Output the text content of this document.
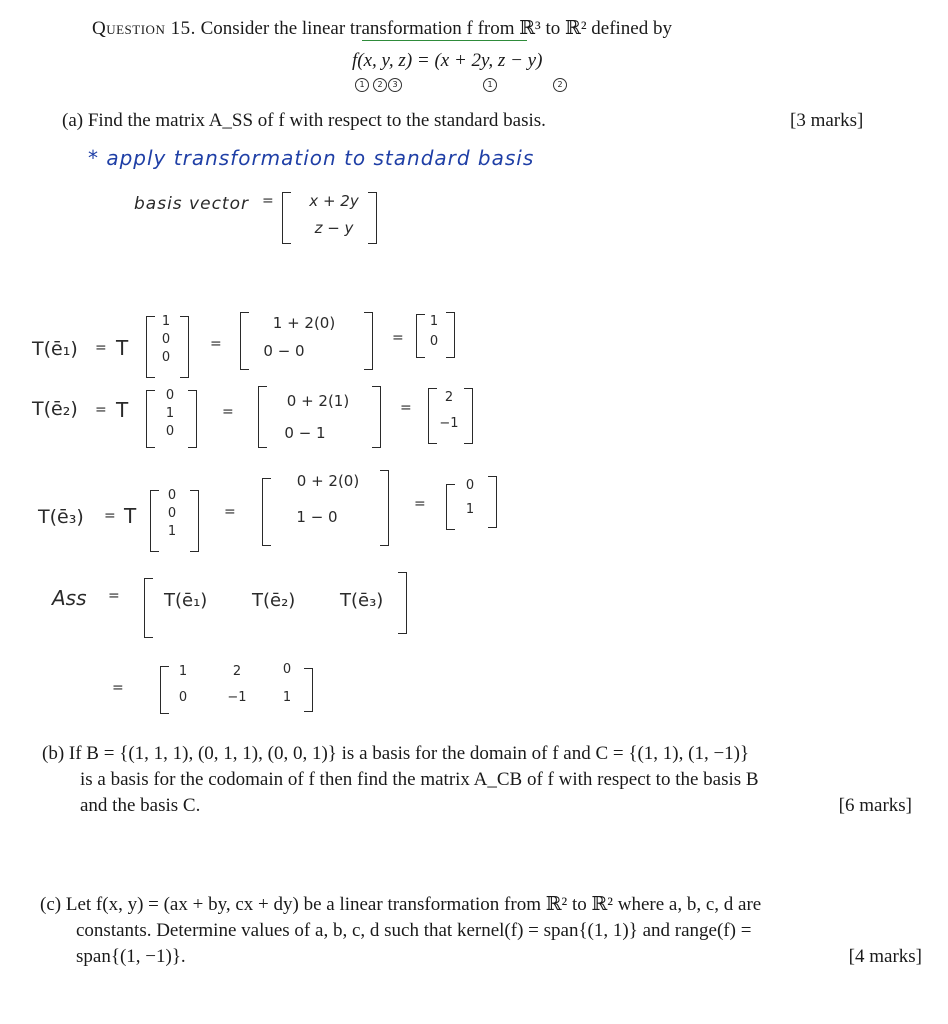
Question 15. Consider the linear transformation f from ℝ³ to ℝ² defined by
f(x, y, z) = (x + 2y, z − y)
1	2	3	1	2
(a) Find the matrix A_SS of f with respect to the standard basis.	[3 marks]
* apply transformation to standard basis
basis vector =	x + 2y
z − y
T(ē₁) = T
1
0
0
=
1 + 2(0)
0 − 0
=
1
0
T(ē₂) = T
0
1
0
=
0 + 2(1)
0 − 1
=
2
−1
T(ē₃) = T
0
0
1
=
0 + 2(0)
1 − 0
=
0
1
Ass = T(ē₁) T(ē₂) T(ē₃)
=
1	2	0
0	−1	1
(b) If B = {(1, 1, 1), (0, 1, 1), (0, 0, 1)} is a basis for the domain of f and C = {(1, 1), (1, −1)}
is a basis for the codomain of f then find the matrix A_CB of f with respect to the basis B
and the basis C.	[6 marks]
(c) Let f(x, y) = (ax + by, cx + dy) be a linear transformation from ℝ² to ℝ² where a, b, c, d are
constants. Determine values of a, b, c, d such that kernel(f) = span{(1, 1)} and range(f) =
span{(1, −1)}.	[4 marks]
